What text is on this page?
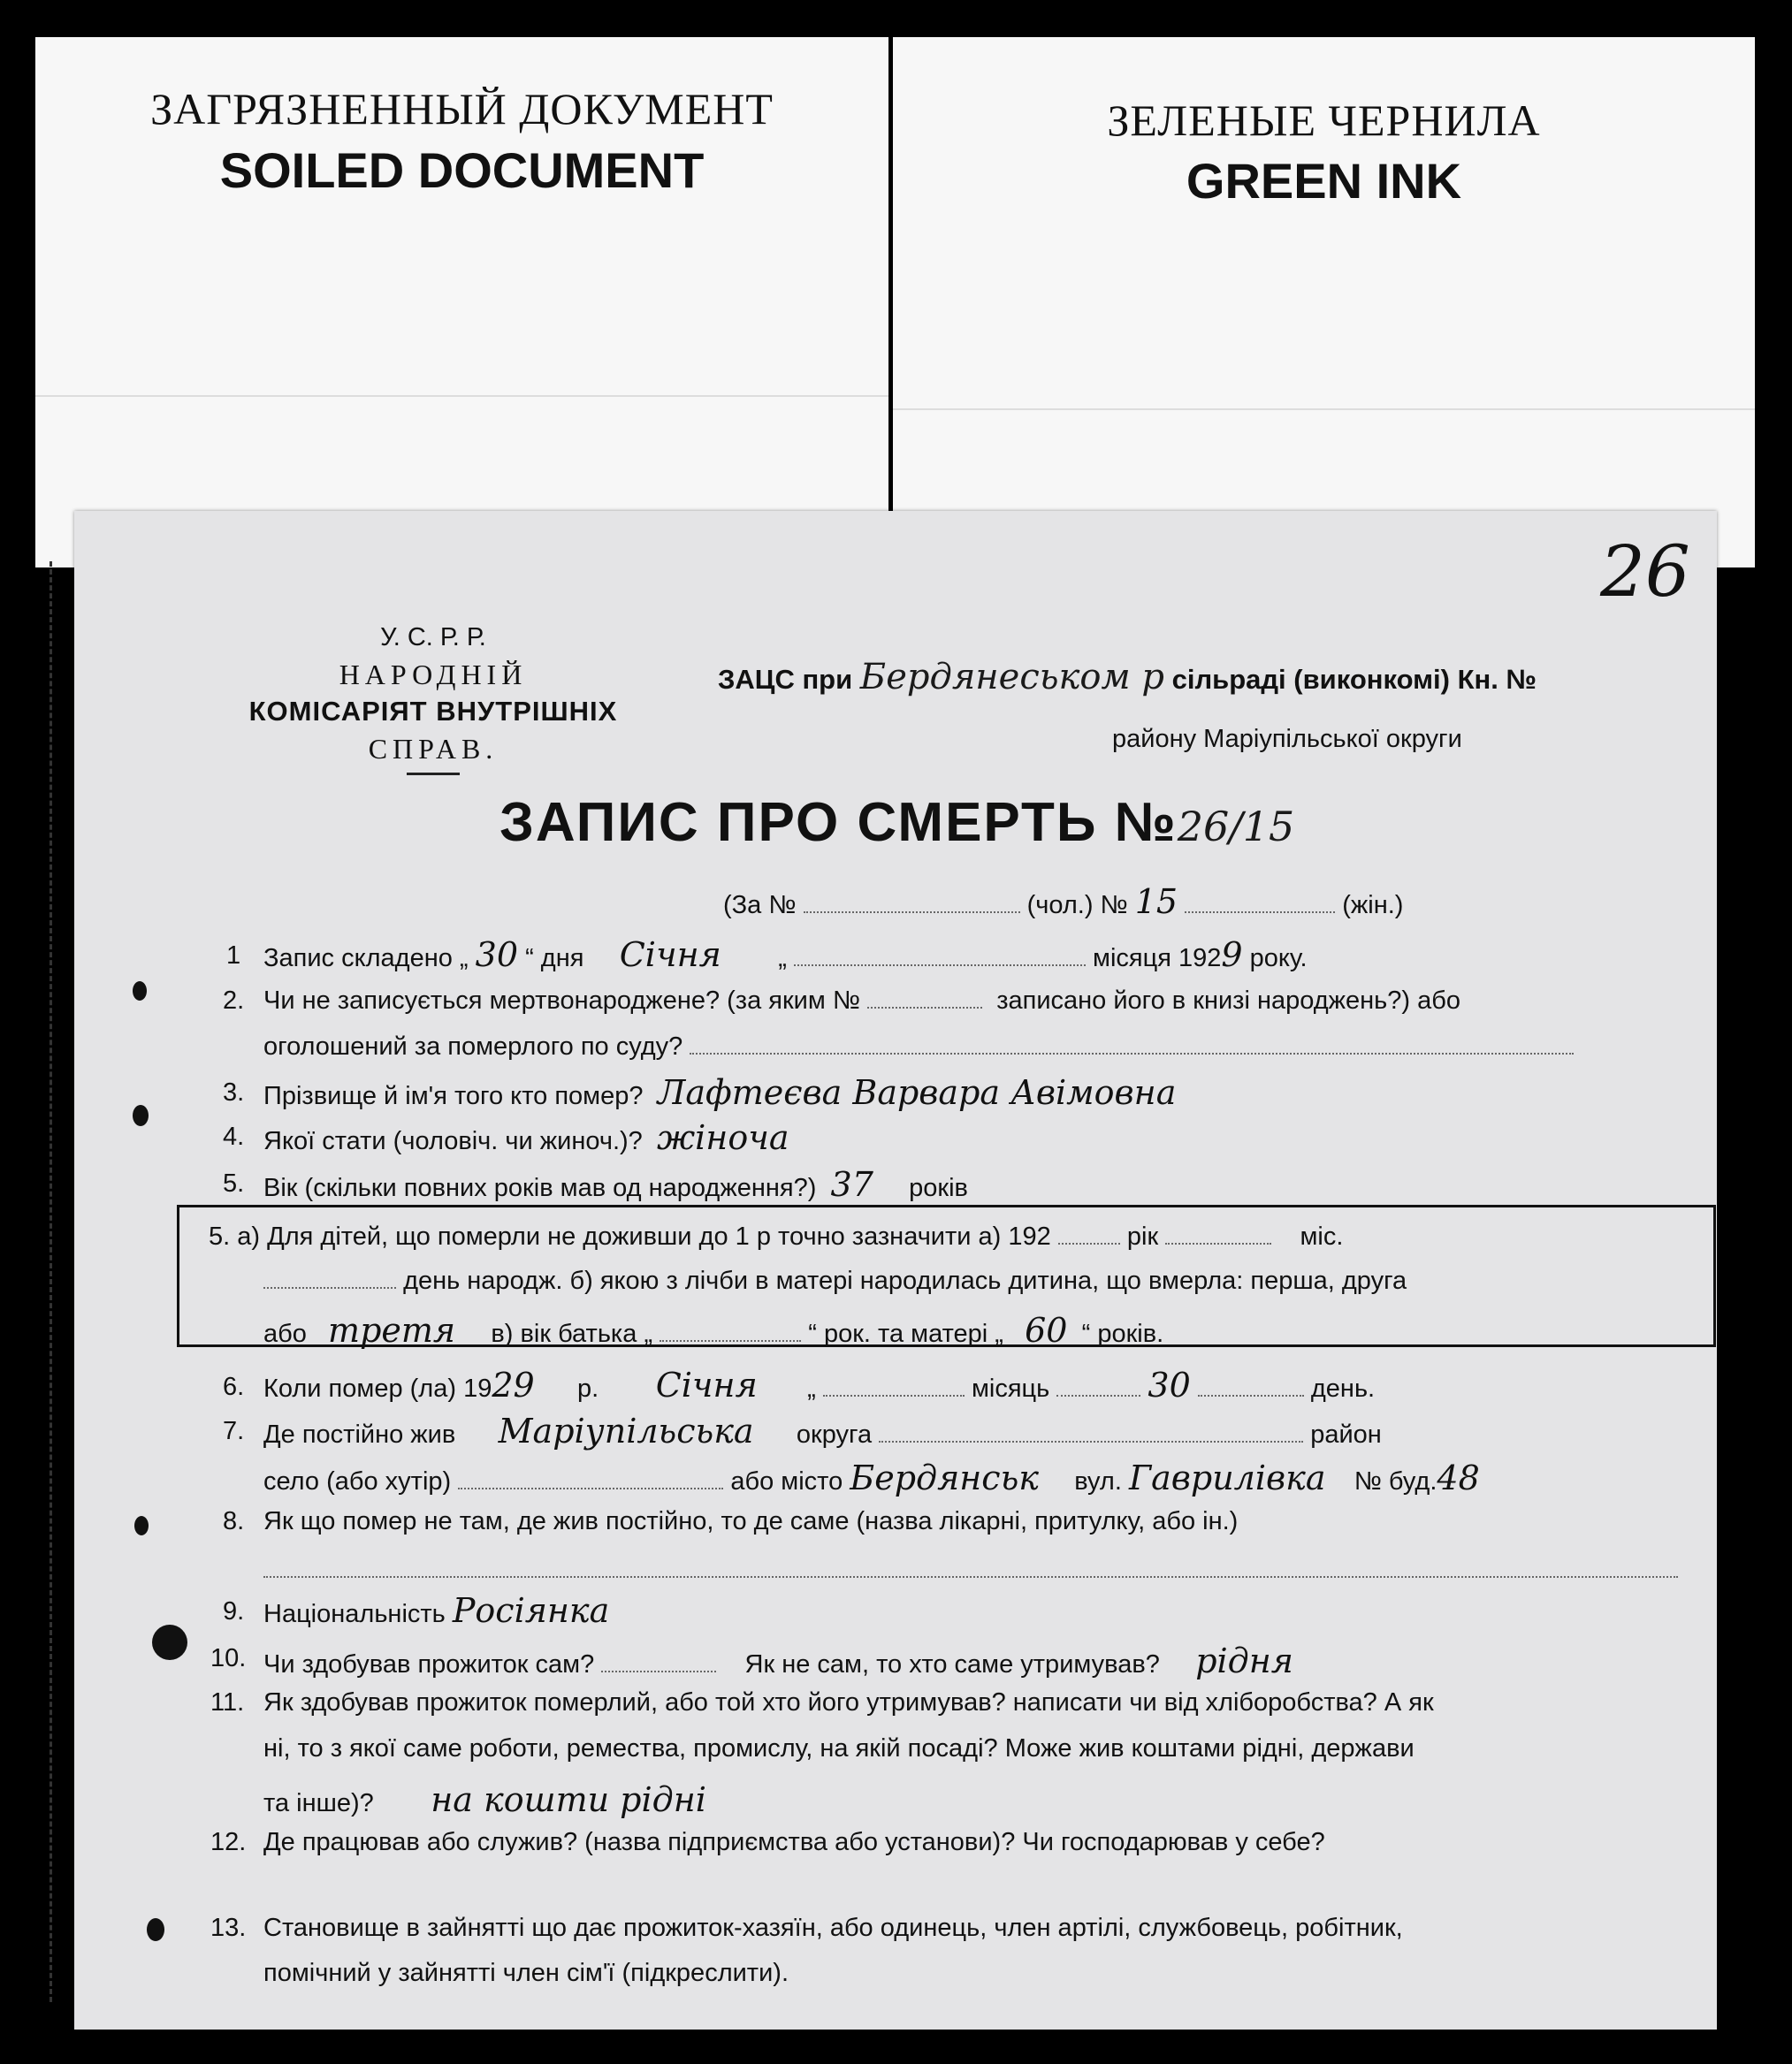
ЗАГРЯЗНЕННЫЙ ДОКУМЕНТ
SOILED DOCUMENT
ЗЕЛЕНЫЕ ЧЕРНИЛА
GREEN INK
26
У. С. Р. Р.
НАРОДНІЙ
КОМІСАРІЯТ ВНУТРІШНІХ
СПРАВ.
ЗАЦС при Бердянеськом р сільраді (виконкомі) Кн. №
району Маріупільської округи
ЗАПИС ПРО СМЕРТЬ №26/15
(За №	(чол.) № 15	(жін.)
1 Запис складено „ 30 “ дня Січня „	місяця 1929 року.
2. Чи не записується мертвонароджене? (за яким №	записано його в книзі народжень?) або
оголошений за померлого по суду?
3. Прізвище й ім'я того кто помер? Лафтеєва Варвара Авімовна
4. Якої стати (чоловіч. чи жиноч.)? жіноча
5. Вік (скільки повних років мав од народження?) 37 років
5. а) Для дітей, що померли не доживши до 1 р точно зазначити а) 192	рік	міс.
день народж. б) якою з лічби в матері народилась дитина, що вмерла: перша, друга
або третя в) вік батька „	“ рок. та матері „ 60 “ років.
6. Коли помер (ла) 1929 р. Січня „	місяць	30	день.
7. Де постійно жив Маріупільська округа	район
село (або хутір)	або місто Бердянськ вул. Гаврилівка № буд.48
8. Як що помер не там, де жив постійно, то де саме (назва лікарні, притулку, або ін.)
9. Національність Росіянка
10. Чи здобував прожиток сам?	Як не сам, то хто саме утримував? рідня
11. Як здобував прожиток померлий, або той хто його утримував? написати чи від хліборобства? А як
ні, то з якої саме роботи, ремества, промислу, на якій посаді? Може жив коштами рідні, держави
та інше)? на кошти рідні
12. Де працював або служив? (назва підприємства або установи)? Чи господарював у себе?
13. Становище в зайнятті що дає прожиток-хазяїн, або одинець, член артілі, службовець, робітник,
помічний у зайнятті член сім'ї (підкреслити).
